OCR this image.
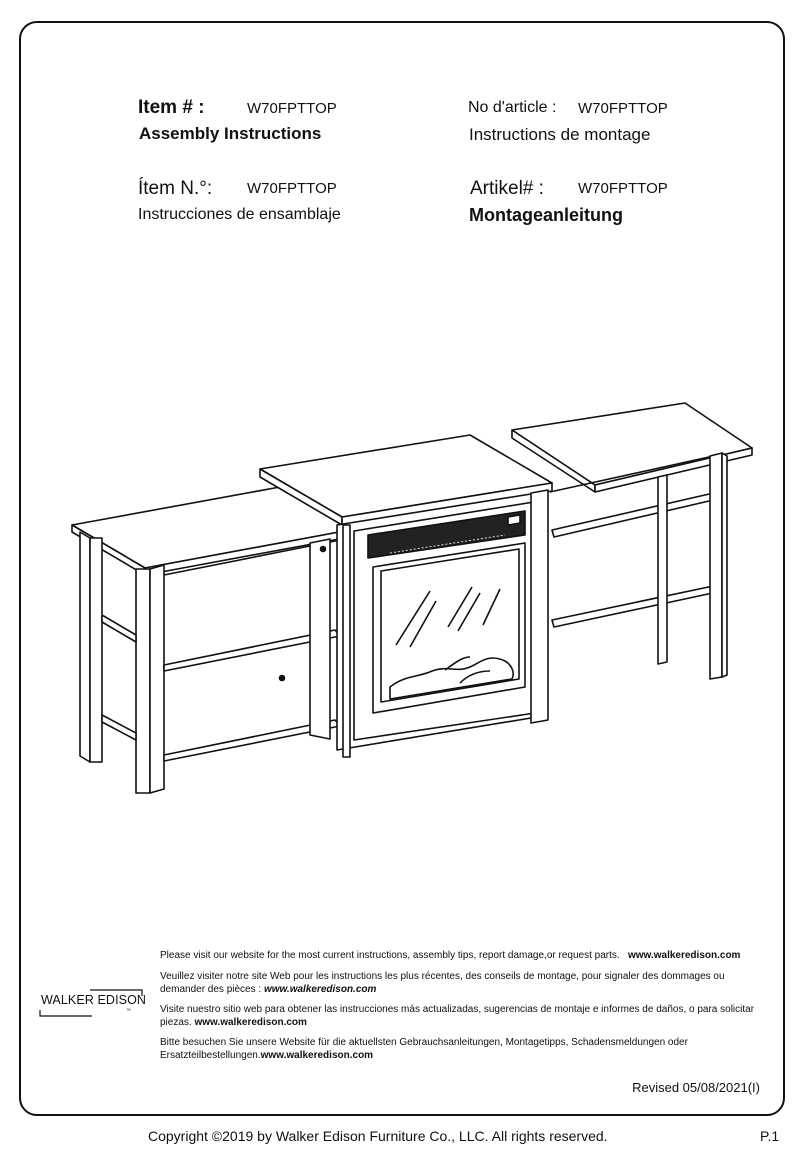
Item # :	W70FPTTOP
Assembly Instructions
No d'article : W70FPTTOP
Instructions de montage
Ítem N.°: W70FPTTOP
Instrucciones de ensamblaje
Artikel# : W70FPTTOP
Montageanleitung
WALKER EDISON
™
Please visit our website for the most current instructions, assembly tips, report damage,or request parts. www.walkeredison.com
Veuillez visiter notre site Web pour les instructions les plus récentes, des conseils de montage, pour signaler des dommages ou demander des pièces : www.walkeredison.com
Visite nuestro sitio web para obtener las instrucciones más actualizadas, sugerencias de montaje e informes de daños, o para solicitar piezas. www.walkeredison.com
Bitte besuchen Sie unsere Website für die aktuellsten Gebrauchsanleitungen, Montagetipps, Schadensmeldungen oder Ersatzteilbestellungen.www.walkeredison.com
Revised 05/08/2021(I)
Copyright ©2019 by Walker Edison Furniture Co., LLC. All rights reserved.	P.1
